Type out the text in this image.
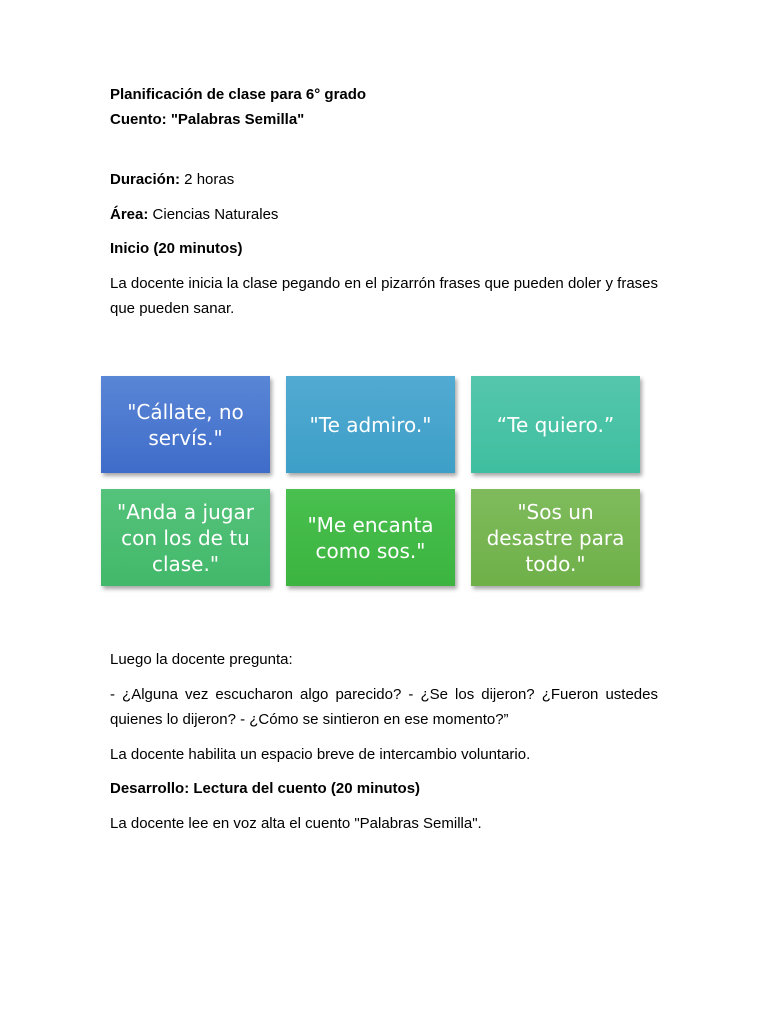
Planificación de clase para 6° grado
Cuento: "Palabras Semilla"
Duración: 2 horas
Área: Ciencias Naturales
Inicio (20 minutos)
La docente inicia la clase pegando en el pizarrón frases que pueden doler y frases que pueden sanar.
Luego la docente pregunta:
- ¿Alguna vez escucharon algo parecido? - ¿Se los dijeron? ¿Fueron ustedes quienes lo dijeron? - ¿Cómo se sintieron en ese momento?”
La docente habilita un espacio breve de intercambio voluntario.
Desarrollo: Lectura del cuento (20 minutos)
La docente lee en voz alta el cuento "Palabras Semilla".
"Cállate, no servís."
"Te admiro."	“Te quiero.”
"Anda a jugar con los de tu clase."
"Me encanta como sos."
"Sos un desastre para todo."
